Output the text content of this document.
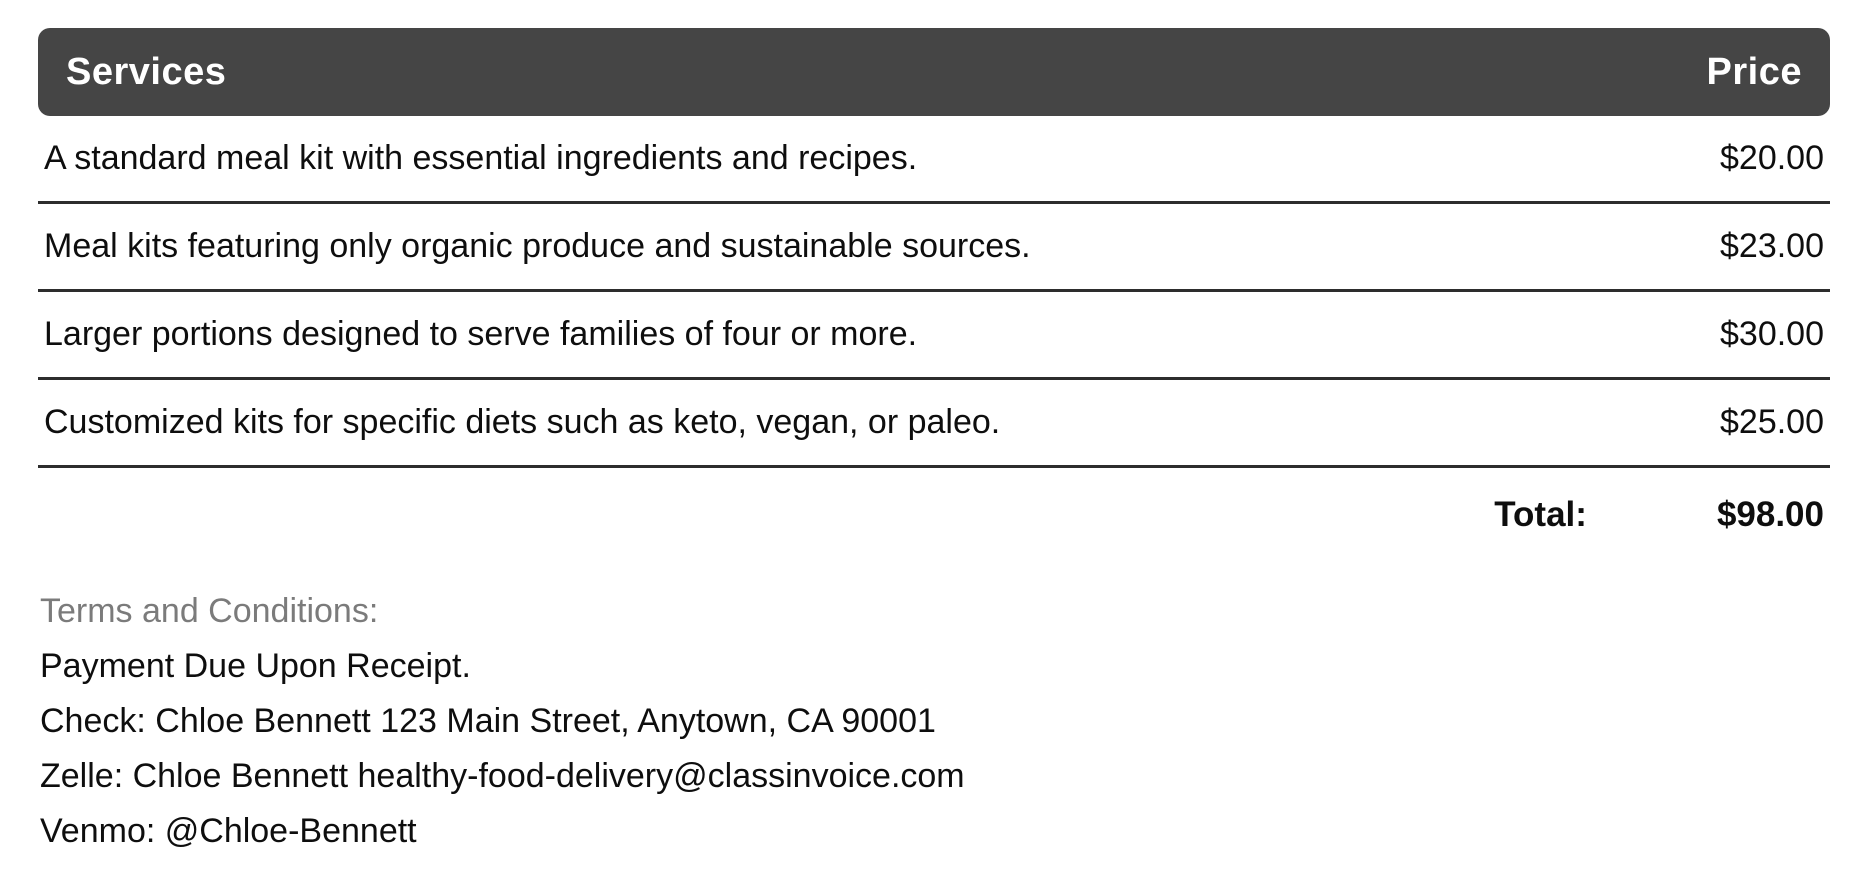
Services	Price
A standard meal kit with essential ingredients and recipes.	$20.00
Meal kits featuring only organic produce and sustainable sources.	$23.00
Larger portions designed to serve families of four or more.	$30.00
Customized kits for specific diets such as keto, vegan, or paleo.	$25.00
Total:	$98.00
Terms and Conditions:
Payment Due Upon Receipt.
Check: Chloe Bennett 123 Main Street, Anytown, CA 90001
Zelle: Chloe Bennett healthy-food-delivery@classinvoice.com
Venmo: @Chloe-Bennett
